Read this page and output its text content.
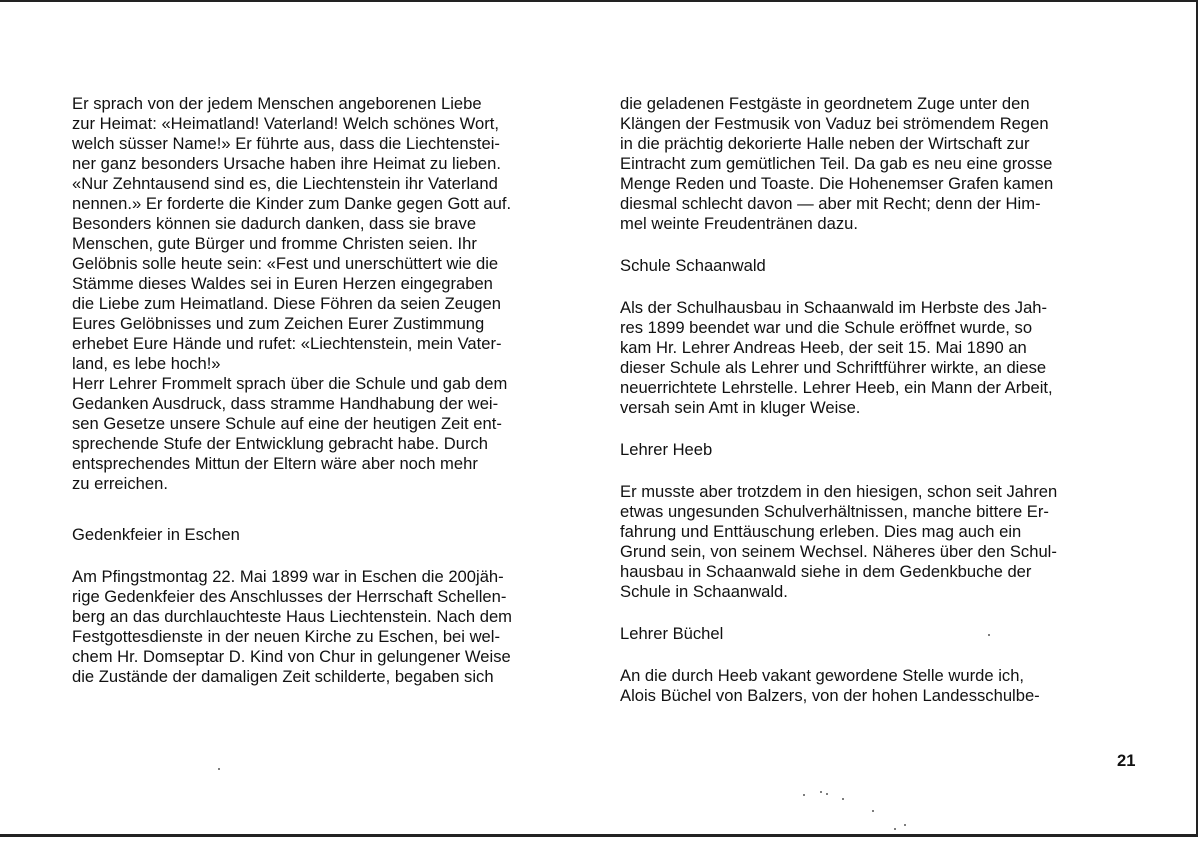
Er sprach von der jedem Menschen angeborenen Liebe
zur Heimat: «Heimatland! Vaterland! Welch schönes Wort,
welch süsser Name!» Er führte aus, dass die Liechtenstei-
ner ganz besonders Ursache haben ihre Heimat zu lieben.
«Nur Zehntausend sind es, die Liechtenstein ihr Vaterland
nennen.» Er forderte die Kinder zum Danke gegen Gott auf.
Besonders können sie dadurch danken, dass sie brave
Menschen, gute Bürger und fromme Christen seien. Ihr
Gelöbnis solle heute sein: «Fest und unerschüttert wie die
Stämme dieses Waldes sei in Euren Herzen eingegraben
die Liebe zum Heimatland. Diese Föhren da seien Zeugen
Eures Gelöbnisses und zum Zeichen Eurer Zustimmung
erhebet Eure Hände und rufet: «Liechtenstein, mein Vater-
land, es lebe hoch!»

Herr Lehrer Frommelt sprach über die Schule und gab dem
Gedanken Ausdruck, dass stramme Handhabung der wei-
sen Gesetze unsere Schule auf eine der heutigen Zeit ent-
sprechende Stufe der Entwicklung gebracht habe. Durch
entsprechendes Mittun der Eltern wäre aber noch mehr
zu erreichen.

Gedenkfeier in Eschen

Am Pfingstmontag 22. Mai 1899 war in Eschen die 200jäh-
rige Gedenkfeier des Anschlusses der Herrschaft Schellen-
berg an das durchlauchteste Haus Liechtenstein. Nach dem
Festgottesdienste in der neuen Kirche zu Eschen, bei wel-
chem Hr. Domseptar D. Kind von Chur in gelungener Weise
die Zustände der damaligen Zeit schilderte, begaben sich

die geladenen Festgäste in geordnetem Zuge unter den
Klängen der Festmusik von Vaduz bei strömendem Regen
in die prächtig dekorierte Halle neben der Wirtschaft zur
Eintracht zum gemütlichen Teil. Da gab es neu eine grosse
Menge Reden und Toaste. Die Hohenemser Grafen kamen
diesmal schlecht davon — aber mit Recht; denn der Him-
mel weinte Freudentränen dazu.

Schule Schaanwald

Als der Schulhausbau in Schaanwald im Herbste des Jah-
res 1899 beendet war und die Schule eröffnet wurde, so
kam Hr. Lehrer Andreas Heeb, der seit 15. Mai 1890 an
dieser Schule als Lehrer und Schriftführer wirkte, an diese
neuerrichtete Lehrstelle. Lehrer Heeb, ein Mann der Arbeit,
versah sein Amt in kluger Weise.

Lehrer Heeb

Er musste aber trotzdem in den hiesigen, schon seit Jahren
etwas ungesunden Schulverhältnissen, manche bittere Er-
fahrung und Enttäuschung erleben. Dies mag auch ein
Grund sein, von seinem Wechsel. Näheres über den Schul-
hausbau in Schaanwald siehe in dem Gedenkbuche der
Schule in Schaanwald.

Lehrer Büchel

An die durch Heeb vakant gewordene Stelle wurde ich,
Alois Büchel von Balzers, von der hohen Landesschulbe-

21
